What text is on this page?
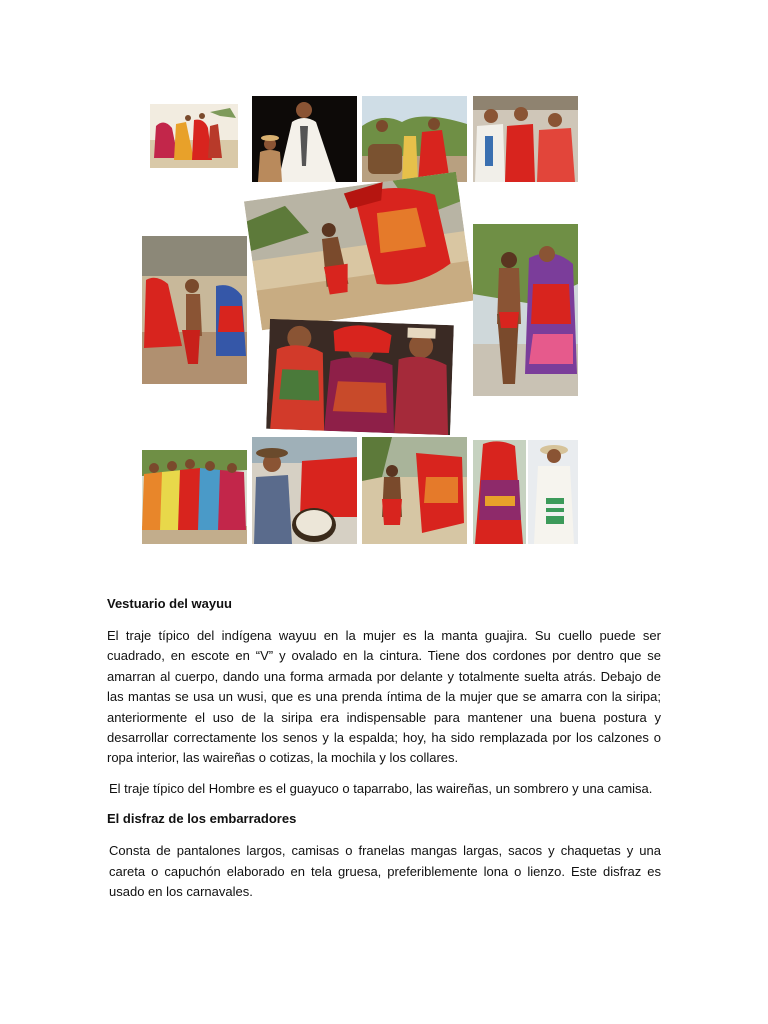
Vestuario del wayuu

El traje típico del indígena wayuu en la mujer es la manta guajira. Su cuello puede ser cuadrado, en escote en “V” y ovalado en la cintura. Tiene dos cordones por dentro que se amarran al cuerpo, dando una forma armada por delante y totalmente suelta atrás. Debajo de las mantas se usa un wusi, que es una prenda íntima de la mujer que se amarra con la siripa; anteriormente el uso de la siripa era indispensable para mantener una buena postura y desarrollar correctamente los senos y la espalda; hoy, ha sido remplazada por los calzones o ropa interior, las waireñas o cotizas, la mochila y los collares.

El traje típico del Hombre es el guayuco o taparrabo, las waireñas, un sombrero y una camisa.

El disfraz de los embarradores

Consta de pantalones largos, camisas o franelas mangas largas, sacos y chaquetas y una careta o capuchón elaborado en tela gruesa, preferiblemente lona o lienzo. Este disfraz es usado en los carnavales.
